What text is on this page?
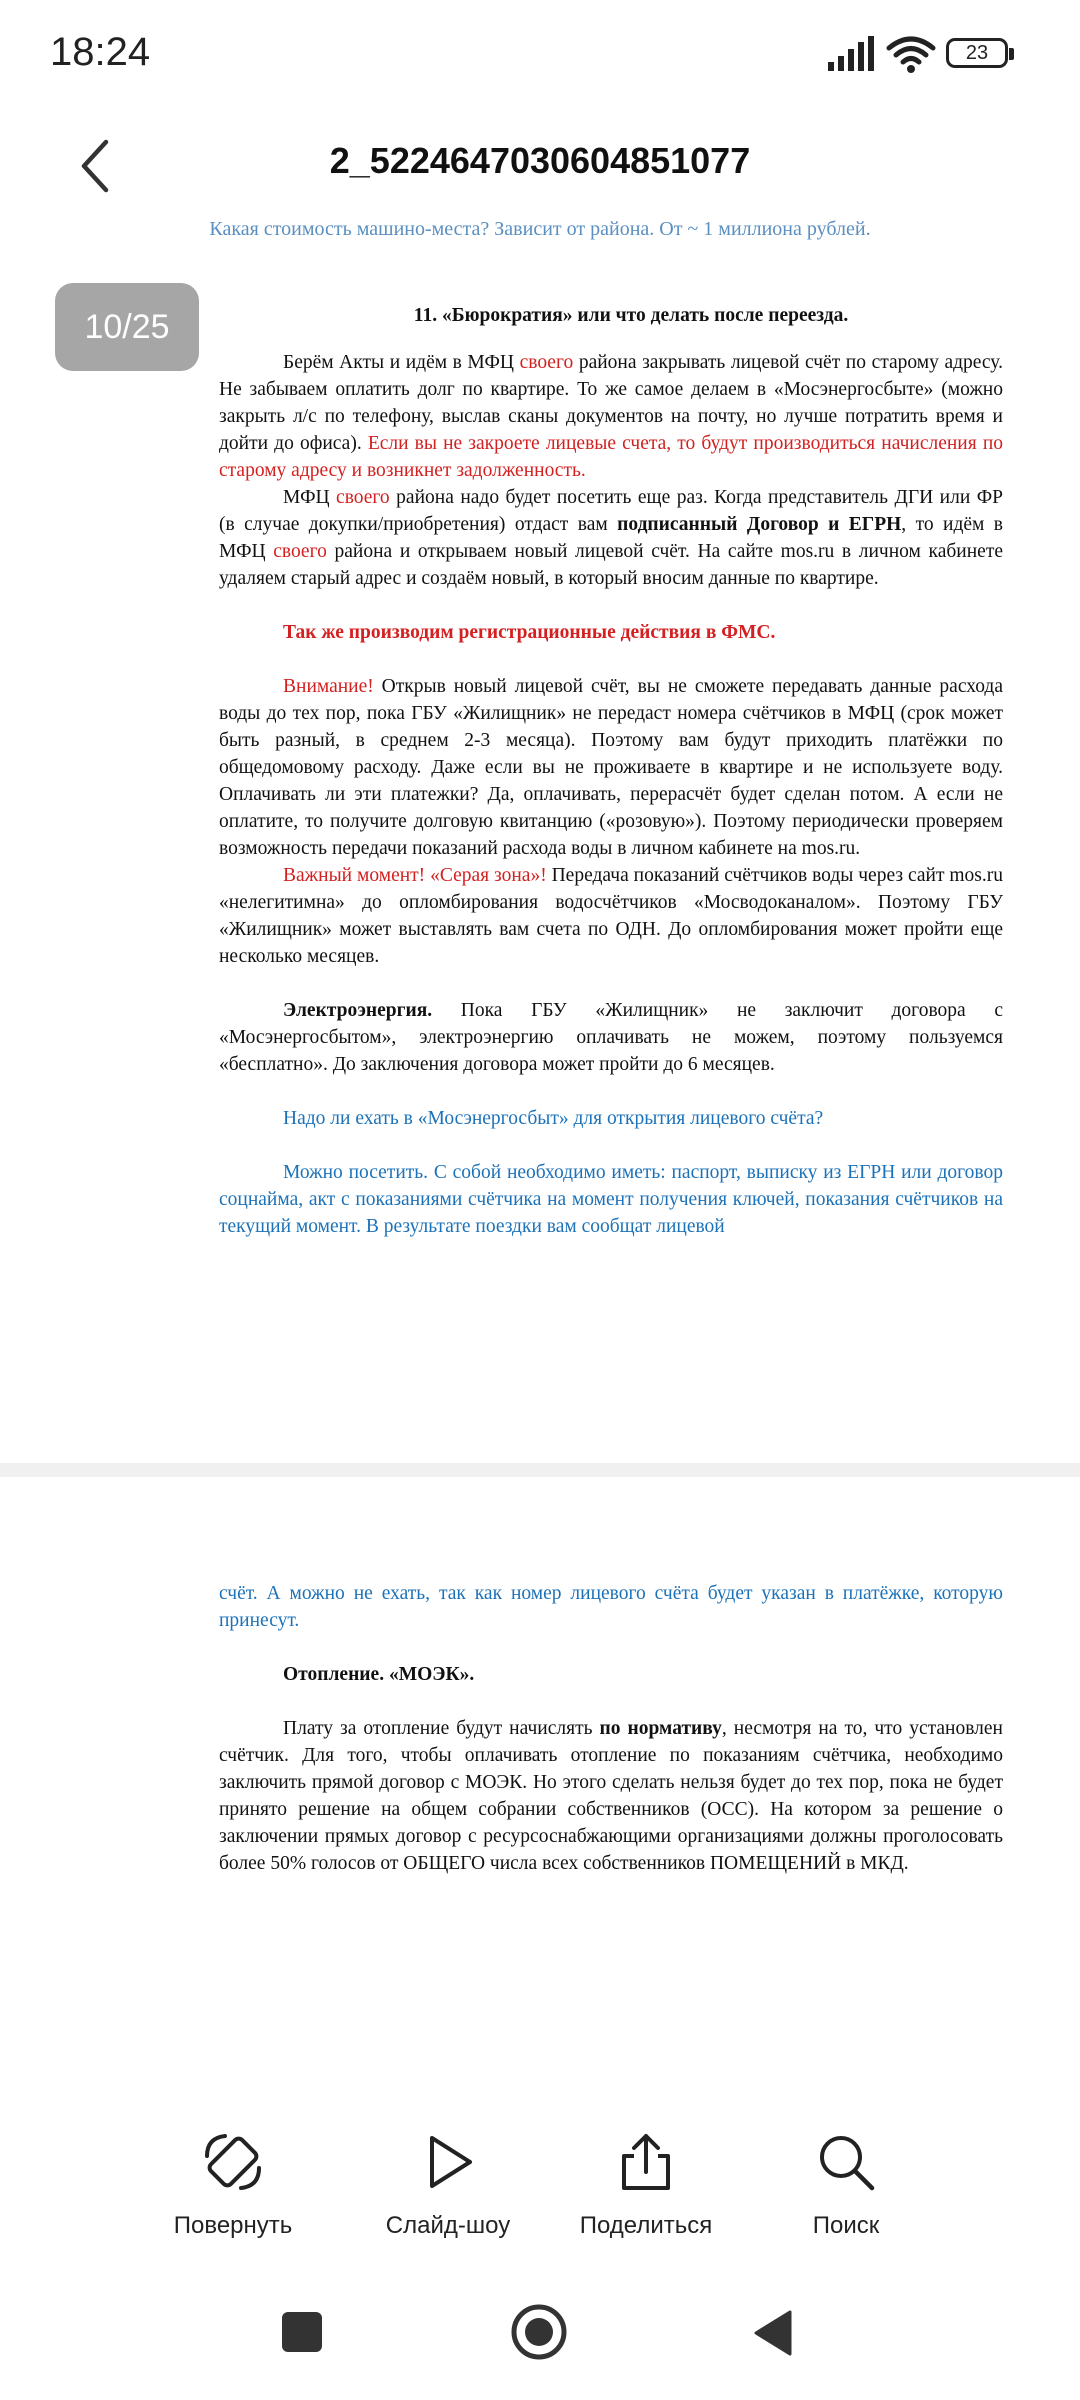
18:24	23
2_5224647030604851077
Какая стоимость машино-места? Зависит от района. От ~ 1 миллиона рублей.
10/25	11. «Бюрократия» или что делать после переезда.

Берём Акты и идём в МФЦ своего района закрывать лицевой счёт по старому адресу. Не забываем оплатить долг по квартире. То же самое делаем в «Мосэнергосбыте» (можно закрыть л/с по телефону, выслав сканы документов на почту, но лучше потратить время и дойти до офиса). Если вы не закроете лицевые счета, то будут производиться начисления по старому адресу и возникнет задолженность.

МФЦ своего района надо будет посетить еще раз. Когда представитель ДГИ или ФР (в случае докупки/приобретения) отдаст вам подписанный Договор и ЕГРН, то идём в МФЦ своего района и открываем новый лицевой счёт. На сайте mos.ru в личном кабинете удаляем старый адрес и создаём новый, в который вносим данные по квартире.

Так же производим регистрационные действия в ФМС.

Внимание! Открыв новый лицевой счёт, вы не сможете передавать данные расхода воды до тех пор, пока ГБУ «Жилищник» не передаст номера счётчиков в МФЦ (срок может быть разный, в среднем 2-3 месяца). Поэтому вам будут приходить платёжки по общедомовому расходу. Даже если вы не проживаете в квартире и не используете воду. Оплачивать ли эти платежки? Да, оплачивать, перерасчёт будет сделан потом. А если не оплатите, то получите долговую квитанцию («розовую»). Поэтому периодически проверяем возможность передачи показаний расхода воды в личном кабинете на mos.ru.

Важный момент! «Серая зона»! Передача показаний счётчиков воды через сайт mos.ru «нелегитимна» до опломбирования водосчётчиков «Мосводоканалом». Поэтому ГБУ «Жилищник» может выставлять вам счета по ОДН. До опломбирования может пройти еще несколько месяцев.

Электроэнергия. Пока ГБУ «Жилищник» не заключит договора с «Мосэнергосбытом», электроэнергию оплачивать не можем, поэтому пользуемся «бесплатно». До заключения договора может пройти до 6 месяцев.

Надо ли ехать в «Мосэнергосбыт» для открытия лицевого счёта?

Можно посетить. С собой необходимо иметь: паспорт, выписку из ЕГРН или договор соцнайма, акт с показаниями счётчика на момент получения ключей, показания счётчиков на текущий момент. В результате поездки вам сообщат лицевой

счёт. А можно не ехать, так как номер лицевого счёта будет указан в платёжке, которую принесут.

Отопление. «МОЭК».

Плату за отопление будут начислять по нормативу, несмотря на то, что установлен счётчик. Для того, чтобы оплачивать отопление по показаниям счётчика, необходимо заключить прямой договор с МОЭК. Но этого сделать нельзя будет до тех пор, пока не будет принято решение на общем собрании собственников (ОСС). На котором за решение о заключении прямых договор с ресурсоснабжающими организациями должны проголосовать более 50% голосов от ОБЩЕГО числа всех собственников ПОМЕЩЕНИЙ в МКД.

Повернуть	Слайд-шоу	Поделиться	Поиск
